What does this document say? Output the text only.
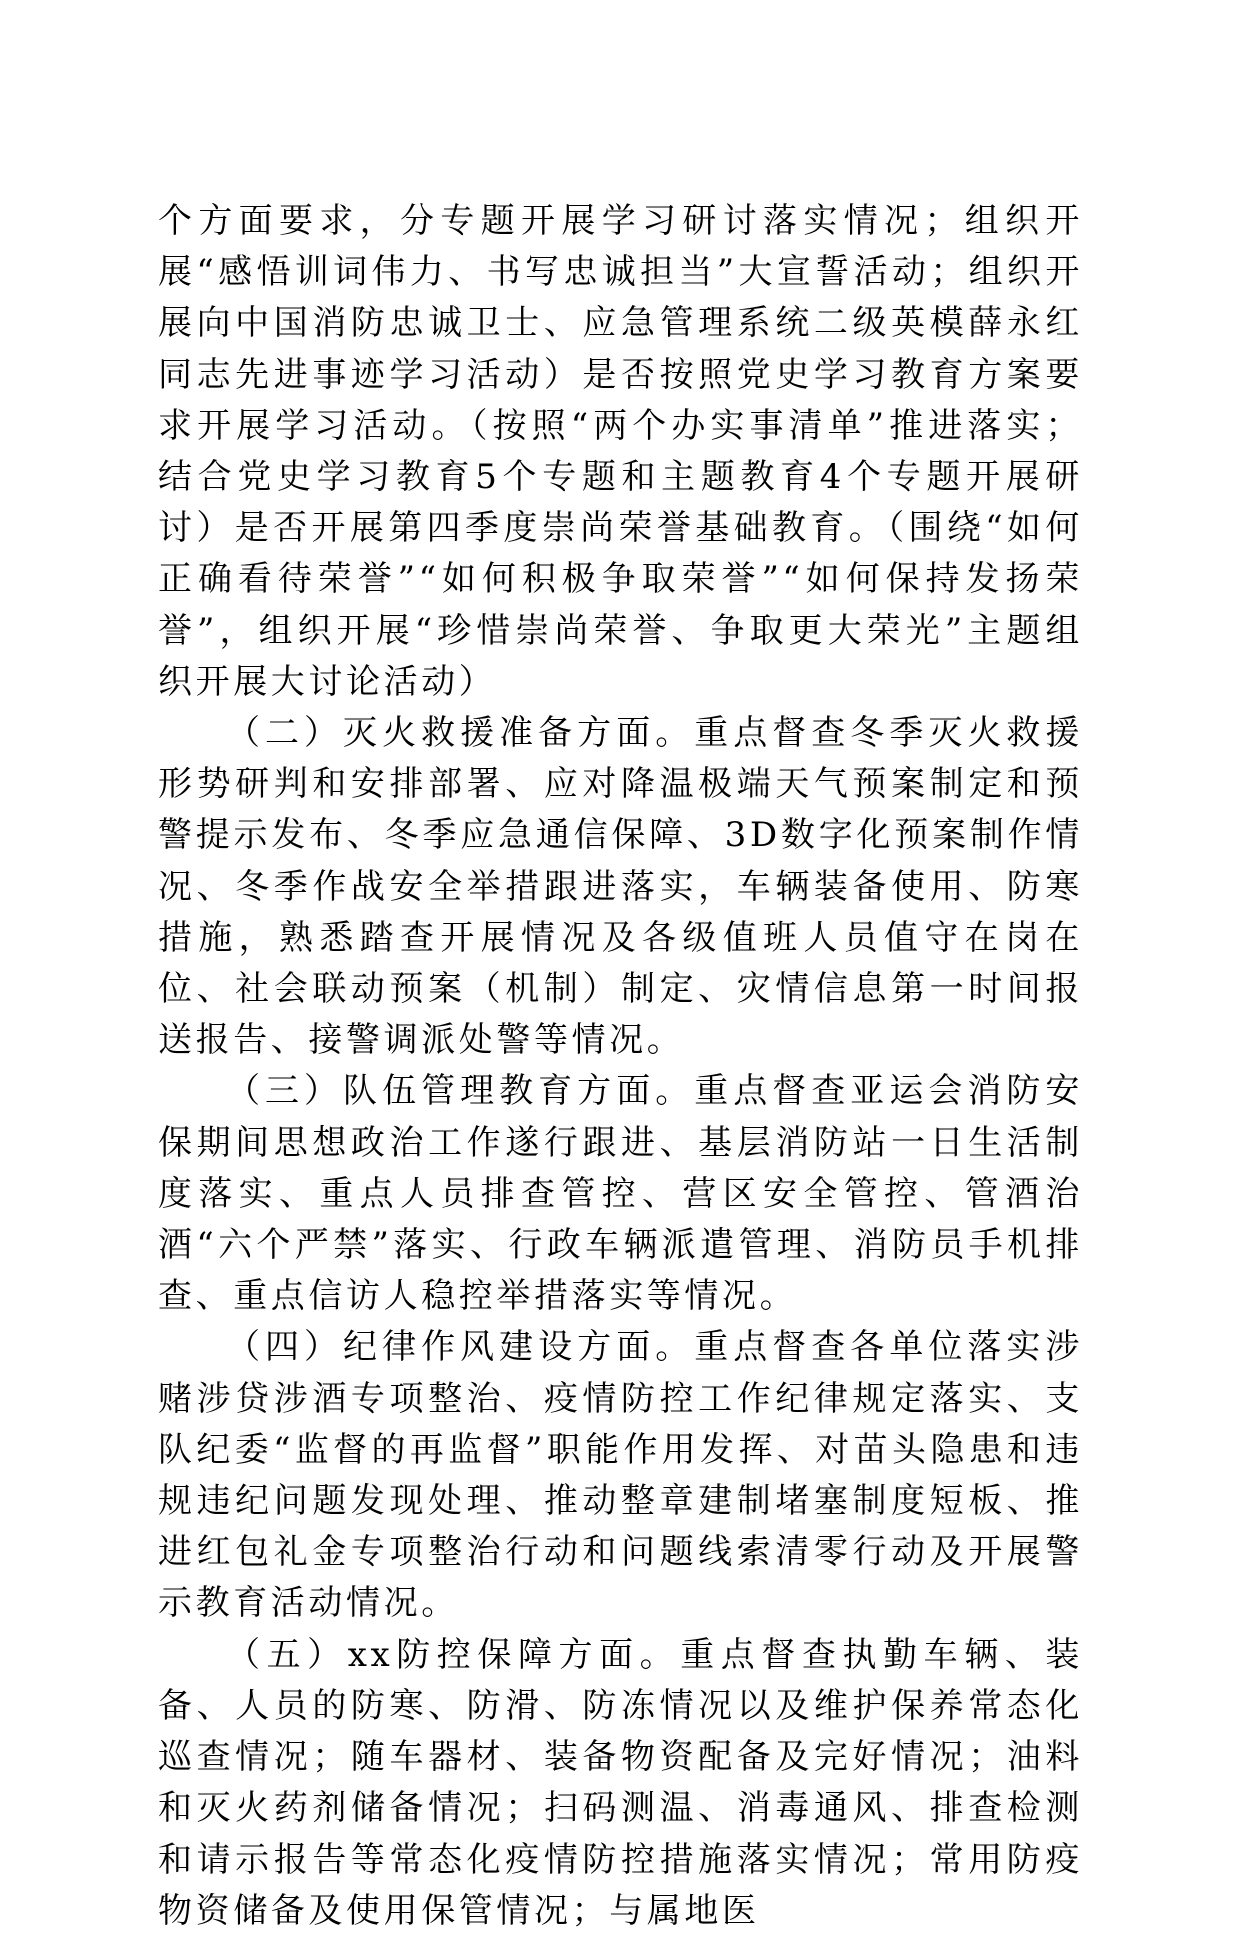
个方面要求，分专题开展学习研讨落实情况；组织开展“感悟训词伟力、书写忠诚担当”大宣誓活动；组织开展向中国消防忠诚卫士、应急管理系统二级英模薛永红同志先进事迹学习活动）是否按照党史学习教育方案要求开展学习活动。（按照“两个办实事清单”推进落实；结合党史学习教育5个专题和主题教育4个专题开展研讨）是否开展第四季度崇尚荣誉基础教育。（围绕“如何正确看待荣誉”“如何积极争取荣誉”“如何保持发扬荣誉”，组织开展“珍惜崇尚荣誉、争取更大荣光”主题组织开展大讨论活动）

（二）灭火救援准备方面。重点督查冬季灭火救援形势研判和安排部署、应对降温极端天气预案制定和预警提示发布、冬季应急通信保障、3D数字化预案制作情况、冬季作战安全举措跟进落实，车辆装备使用、防寒措施，熟悉踏查开展情况及各级值班人员值守在岗在位、社会联动预案（机制）制定、灾情信息第一时间报送报告、接警调派处警等情况。

（三）队伍管理教育方面。重点督查亚运会消防安保期间思想政治工作遂行跟进、基层消防站一日生活制度落实、重点人员排查管控、营区安全管控、管酒治酒“六个严禁”落实、行政车辆派遣管理、消防员手机排查、重点信访人稳控举措落实等情况。

（四）纪律作风建设方面。重点督查各单位落实涉赌涉贷涉酒专项整治、疫情防控工作纪律规定落实、支队纪委“监督的再监督”职能作用发挥、对苗头隐患和违规违纪问题发现处理、推动整章建制堵塞制度短板、推进红包礼金专项整治行动和问题线索清零行动及开展警示教育活动情况。

（五）xx防控保障方面。重点督查执勤车辆、装备、人员的防寒、防滑、防冻情况以及维护保养常态化巡查情况；随车器材、装备物资配备及完好情况；油料和灭火药剂储备情况；扫码测温、消毒通风、排查检测和请示报告等常态化疫情防控措施落实情况；常用防疫物资储备及使用保管情况；与属地医
